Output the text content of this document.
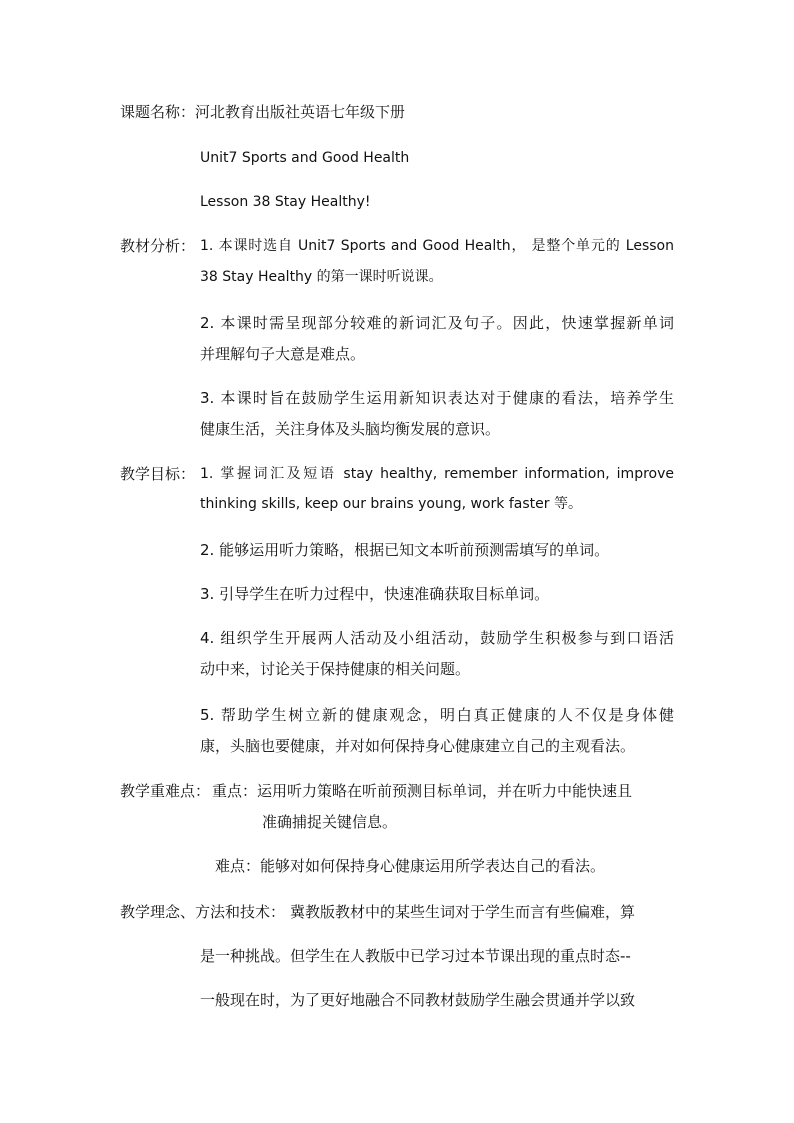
课题名称： 河北教育出版社英语七年级下册
Unit7 Sports and Good Health
Lesson 38 Stay Healthy!
教材分析： 1. 本课时选自 Unit7 Sports and Good Health， 是整个单元的 Lesson
38 Stay Healthy 的第一课时听说课。
2. 本课时需呈现部分较难的新词汇及句子。因此，快速掌握新单词
并理解句子大意是难点。
3. 本课时旨在鼓励学生运用新知识表达对于健康的看法，培养学生
健康生活，关注身体及头脑均衡发展的意识。
教学目标： 1. 掌握词汇及短语 stay healthy, remember information, improve
thinking skills, keep our brains young, work faster 等。
2. 能够运用听力策略，根据已知文本听前预测需填写的单词。
3. 引导学生在听力过程中，快速准确获取目标单词。
4. 组织学生开展两人活动及小组活动，鼓励学生积极参与到口语活
动中来，讨论关于保持健康的相关问题。
5. 帮助学生树立新的健康观念，明白真正健康的人不仅是身体健
康，头脑也要健康，并对如何保持身心健康建立自己的主观看法。
教学重难点： 重点：运用听力策略在听前预测目标单词，并在听力中能快速且
准确捕捉关键信息。
难点：能够对如何保持身心健康运用所学表达自己的看法。
教学理念、方法和技术： 冀教版教材中的某些生词对于学生而言有些偏难，算
是一种挑战。但学生在人教版中已学习过本节课出现的重点时态--
一般现在时，为了更好地融合不同教材鼓励学生融会贯通并学以致
